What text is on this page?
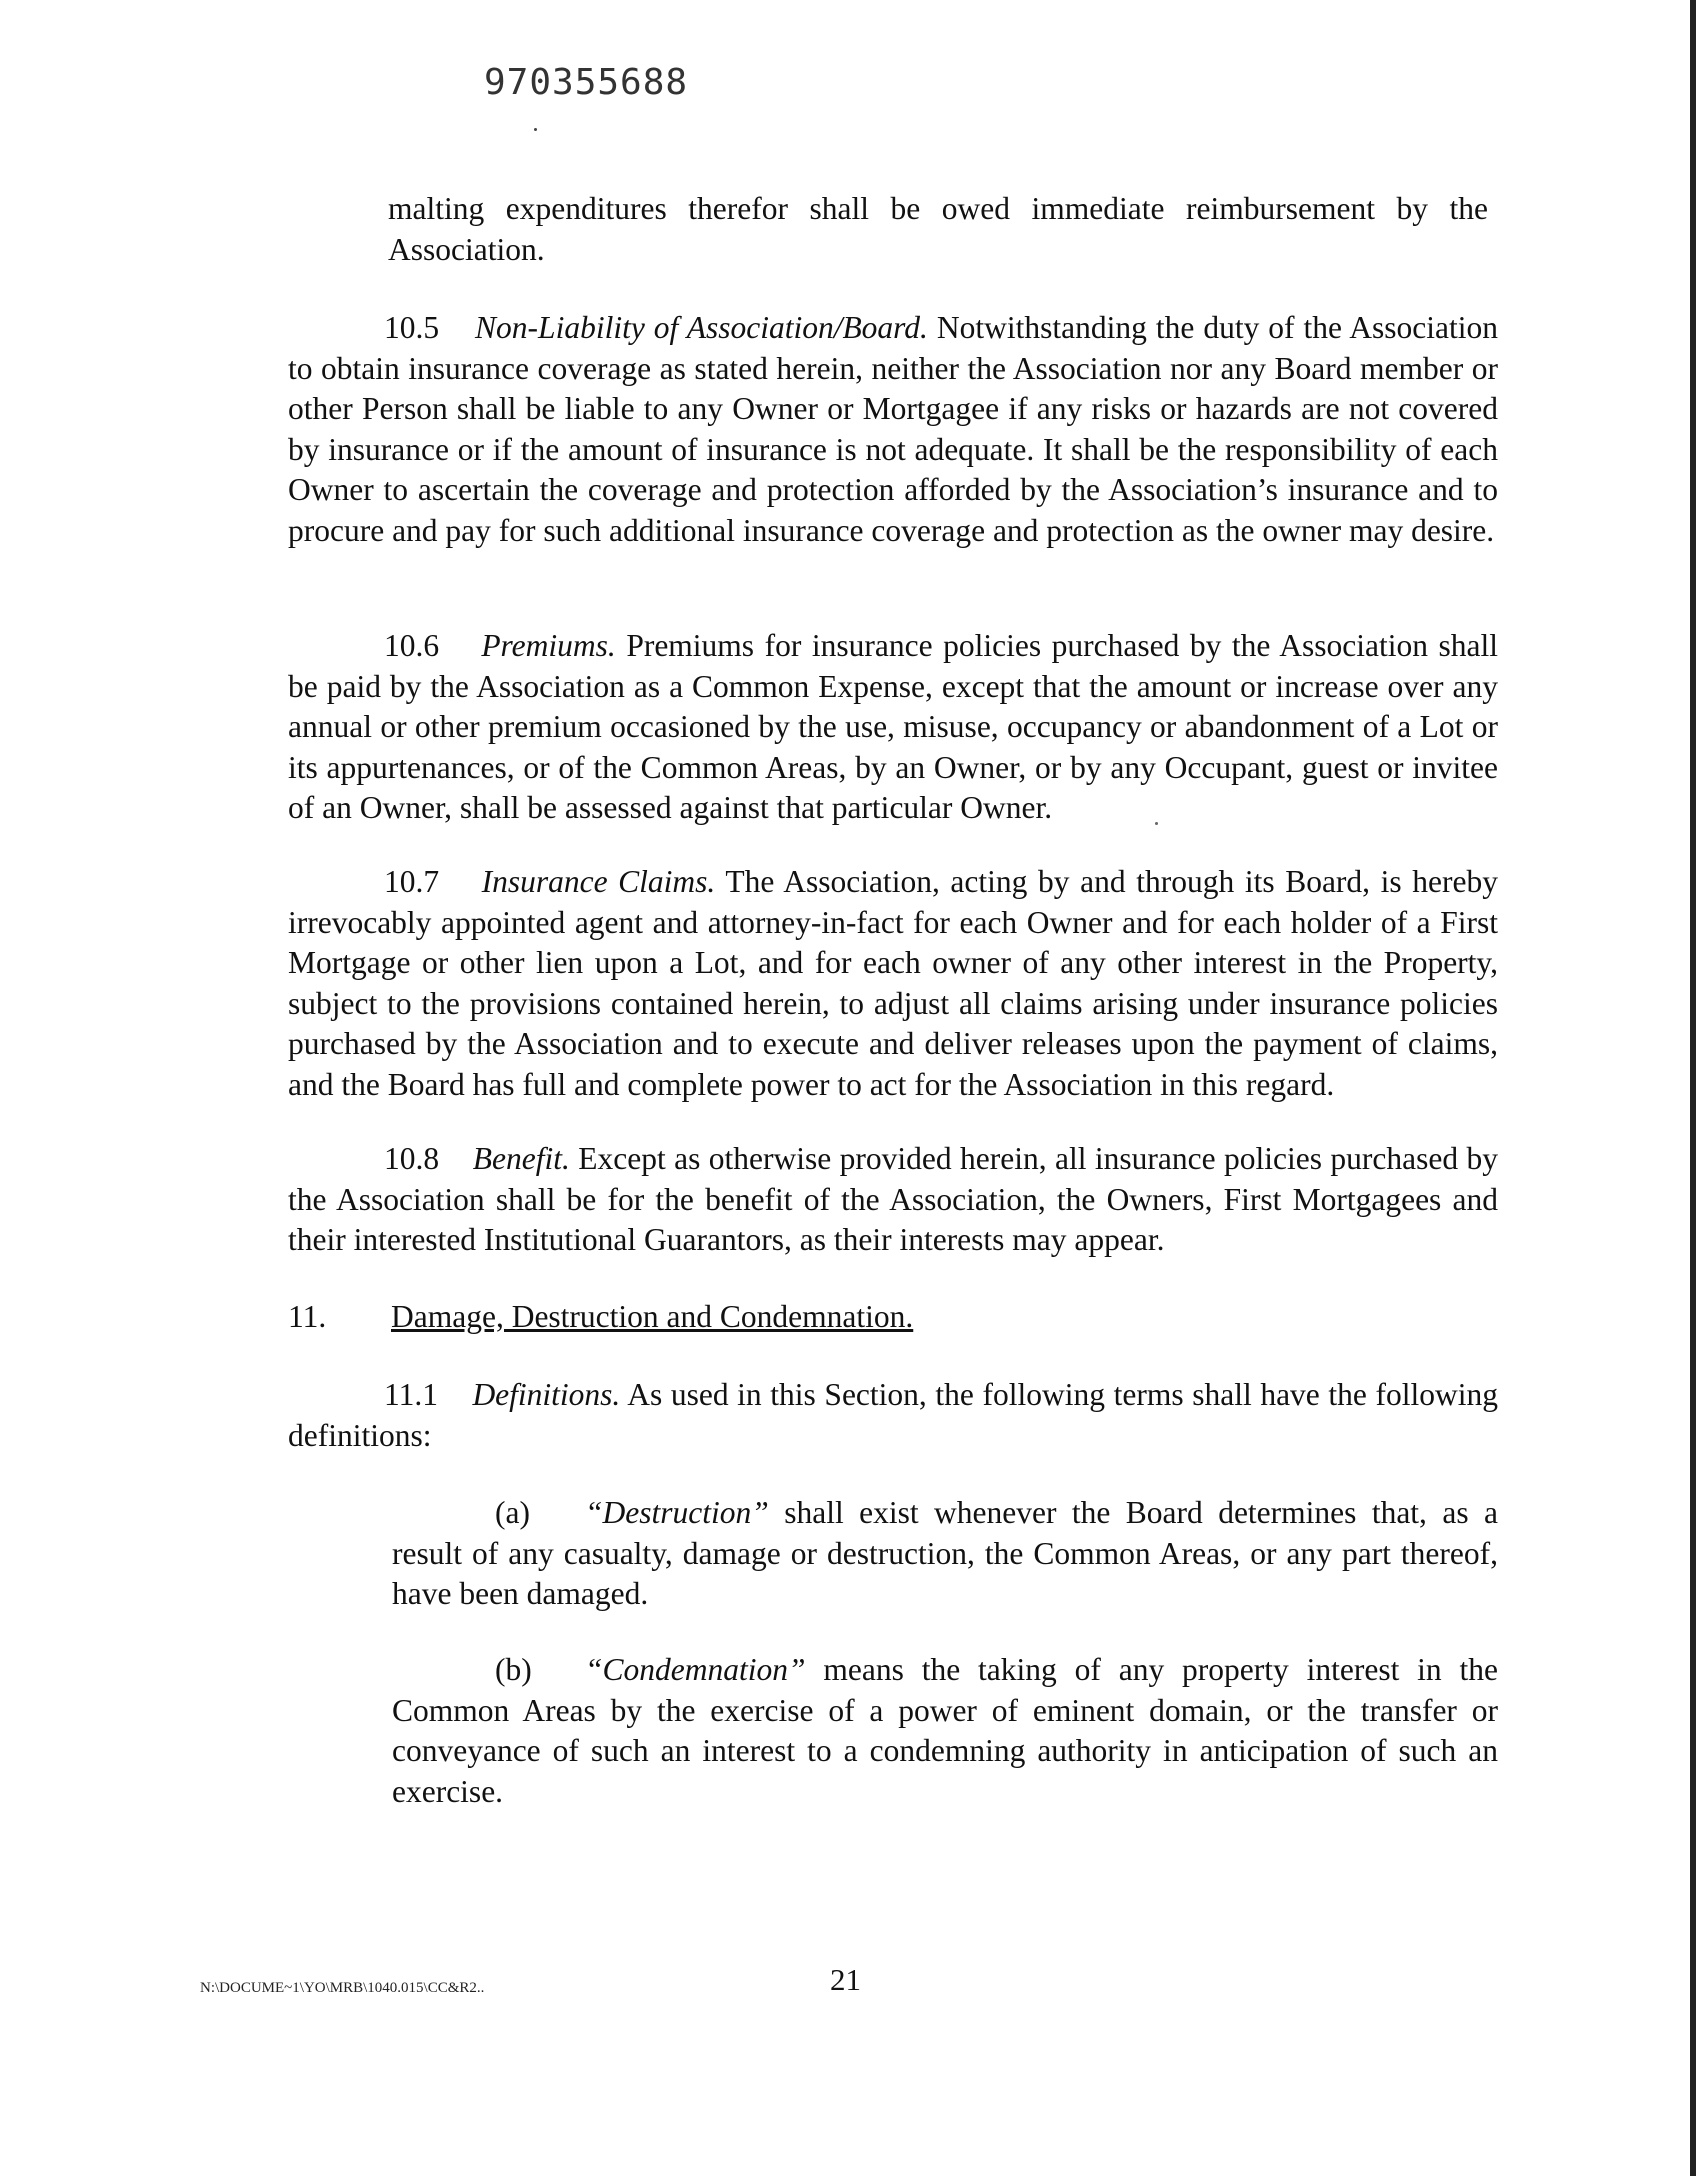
970355688
malting expenditures therefor shall be owed immediate reimbursement by the Association.
10.5 Non-Liability of Association/Board. Notwithstanding the duty of the Association to obtain insurance coverage as stated herein, neither the Association nor any Board member or other Person shall be liable to any Owner or Mortgagee if any risks or hazards are not covered by insurance or if the amount of insurance is not adequate. It shall be the responsibility of each Owner to ascertain the coverage and protection afforded by the Association’s insurance and to procure and pay for such additional insurance coverage and protection as the owner may desire.
10.6 Premiums. Premiums for insurance policies purchased by the Association shall be paid by the Association as a Common Expense, except that the amount or increase over any annual or other premium occasioned by the use, misuse, occupancy or abandonment of a Lot or its appurtenances, or of the Common Areas, by an Owner, or by any Occupant, guest or invitee of an Owner, shall be assessed against that particular Owner.
10.7 Insurance Claims. The Association, acting by and through its Board, is hereby irrevocably appointed agent and attorney-in-fact for each Owner and for each holder of a First Mortgage or other lien upon a Lot, and for each owner of any other interest in the Property, subject to the provisions contained herein, to adjust all claims arising under insurance policies purchased by the Association and to execute and deliver releases upon the payment of claims, and the Board has full and complete power to act for the Association in this regard.
10.8 Benefit. Except as otherwise provided herein, all insurance policies purchased by the Association shall be for the benefit of the Association, the Owners, First Mortgagees and their interested Institutional Guarantors, as their interests may appear.
11. Damage, Destruction and Condemnation.
11.1 Definitions. As used in this Section, the following terms shall have the following definitions:
(a) “Destruction” shall exist whenever the Board determines that, as a result of any casualty, damage or destruction, the Common Areas, or any part thereof, have been damaged.
(b) “Condemnation” means the taking of any property interest in the Common Areas by the exercise of a power of eminent domain, or the transfer or conveyance of such an interest to a condemning authority in anticipation of such an exercise.
N:\DOCUME~1\YO\MRB\1040.015\CC&R2..	21
